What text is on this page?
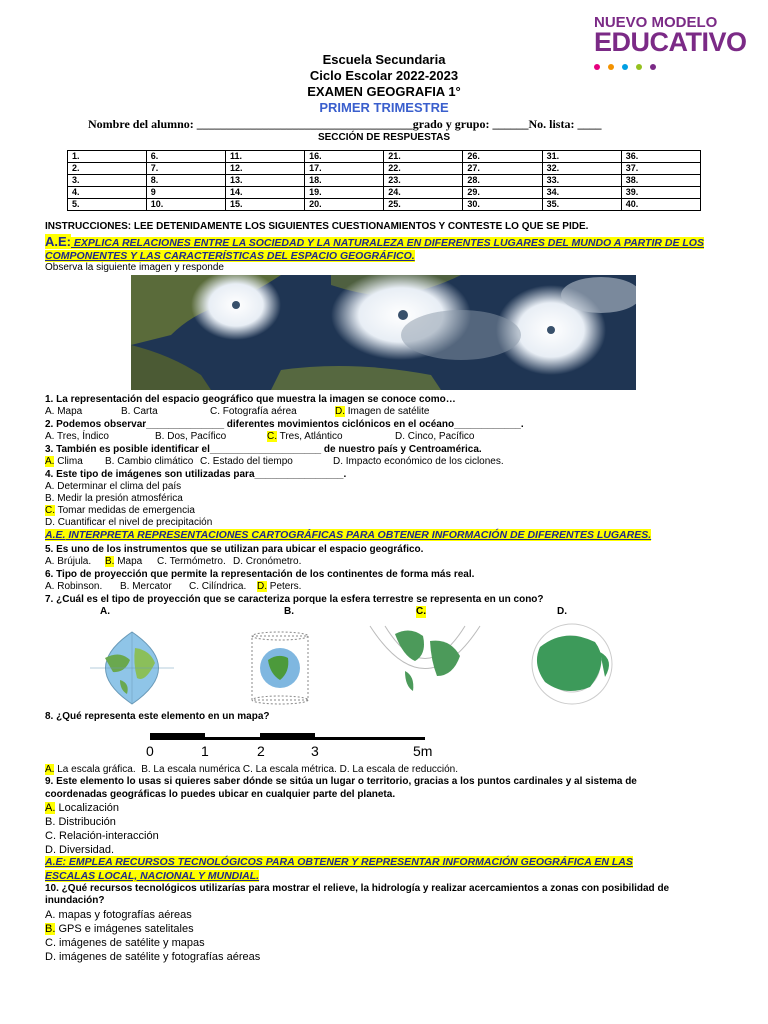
NUEVO MODELO
EDUCATIVO
Escuela Secundaria
Ciclo Escolar 2022-2023
EXAMEN GEOGRAFIA 1°
PRIMER TRIMESTRE
Nombre del alumno: ____________________________________grado y grupo: ______No. lista: ____
SECCIÓN DE RESPUESTAS
1.	6.	11.	16.	21.	26.	31.	36.
2.	7.	12.	17.	22.	27.	32.	37.
3.	8.	13.	18.	23.	28.	33.	38.
4.	9	14.	19.	24.	29.	34.	39.
5.	10.	15.	20.	25.	30.	35.	40.
INSTRUCCIONES: LEE DETENIDAMENTE LOS SIGUIENTES CUESTIONAMIENTOS Y CONTESTE LO QUE SE PIDE.
A.E: EXPLICA RELACIONES ENTRE LA SOCIEDAD Y LA NATURALEZA EN DIFERENTES LUGARES DEL MUNDO A PARTIR DE LOS
COMPONENTES Y LAS CARACTERÍSTICAS DEL ESPACIO GEOGRÁFICO.
Observa la siguiente imagen y responde
1. La representación del espacio geográfico que muestra la imagen se conoce como…
A. Mapa	B. Carta	C. Fotografía aérea	D. Imagen de satélite
2. Podemos observar______________ diferentes movimientos ciclónicos en el océano____________.
A. Tres, Índico	B. Dos, Pacífico	C. Tres, Atlántico	D. Cinco, Pacífico
3. También es posible identificar el____________________ de nuestro país y Centroamérica.
A. Clima B. Cambio climático C. Estado del tiempo	D. Impacto económico de los ciclones.
4. Este tipo de imágenes son utilizadas para________________.
A. Determinar el clima del país
B. Medir la presión atmosférica
C. Tomar medidas de emergencia
D. Cuantificar el nivel de precipitación
A.E. INTERPRETA REPRESENTACIONES CARTOGRÁFICAS PARA OBTENER INFORMACIÓN DE DIFERENTES LUGARES.
5. Es uno de los instrumentos que se utilizan para ubicar el espacio geográfico.
A. Brújula. B. Mapa C. Termómetro. D. Cronómetro.
6. Tipo de proyección que permite la representación de los continentes de forma más real.
A. Robinson. B. Mercator C. Cilíndrica. D. Peters.
7. ¿Cuál es el tipo de proyección que se caracteriza porque la esfera terrestre se representa en un cono?
A.	B.	C.	D.
8. ¿Qué representa este elemento en un mapa?
0	1	2	3	5m
A. La escala gráfica. B. La escala numérica C. La escala métrica. D. La escala de reducción.
9. Este elemento lo usas si quieres saber dónde se sitúa un lugar o territorio, gracias a los puntos cardinales y al sistema de
coordenadas geográficas lo puedes ubicar en cualquier parte del planeta.
A. Localización
B. Distribución
C. Relación-interacción
D. Diversidad.
A.E: EMPLEA RECURSOS TECNOLÓGICOS PARA OBTENER Y REPRESENTAR INFORMACIÓN GEOGRÁFICA EN LAS
ESCALAS LOCAL, NACIONAL Y MUNDIAL.
10. ¿Qué recursos tecnológicos utilizarías para mostrar el relieve, la hidrología y realizar acercamientos a zonas con posibilidad de
inundación?
A. mapas y fotografías aéreas
B. GPS e imágenes satelitales
C. imágenes de satélite y mapas
D. imágenes de satélite y fotografías aéreas
